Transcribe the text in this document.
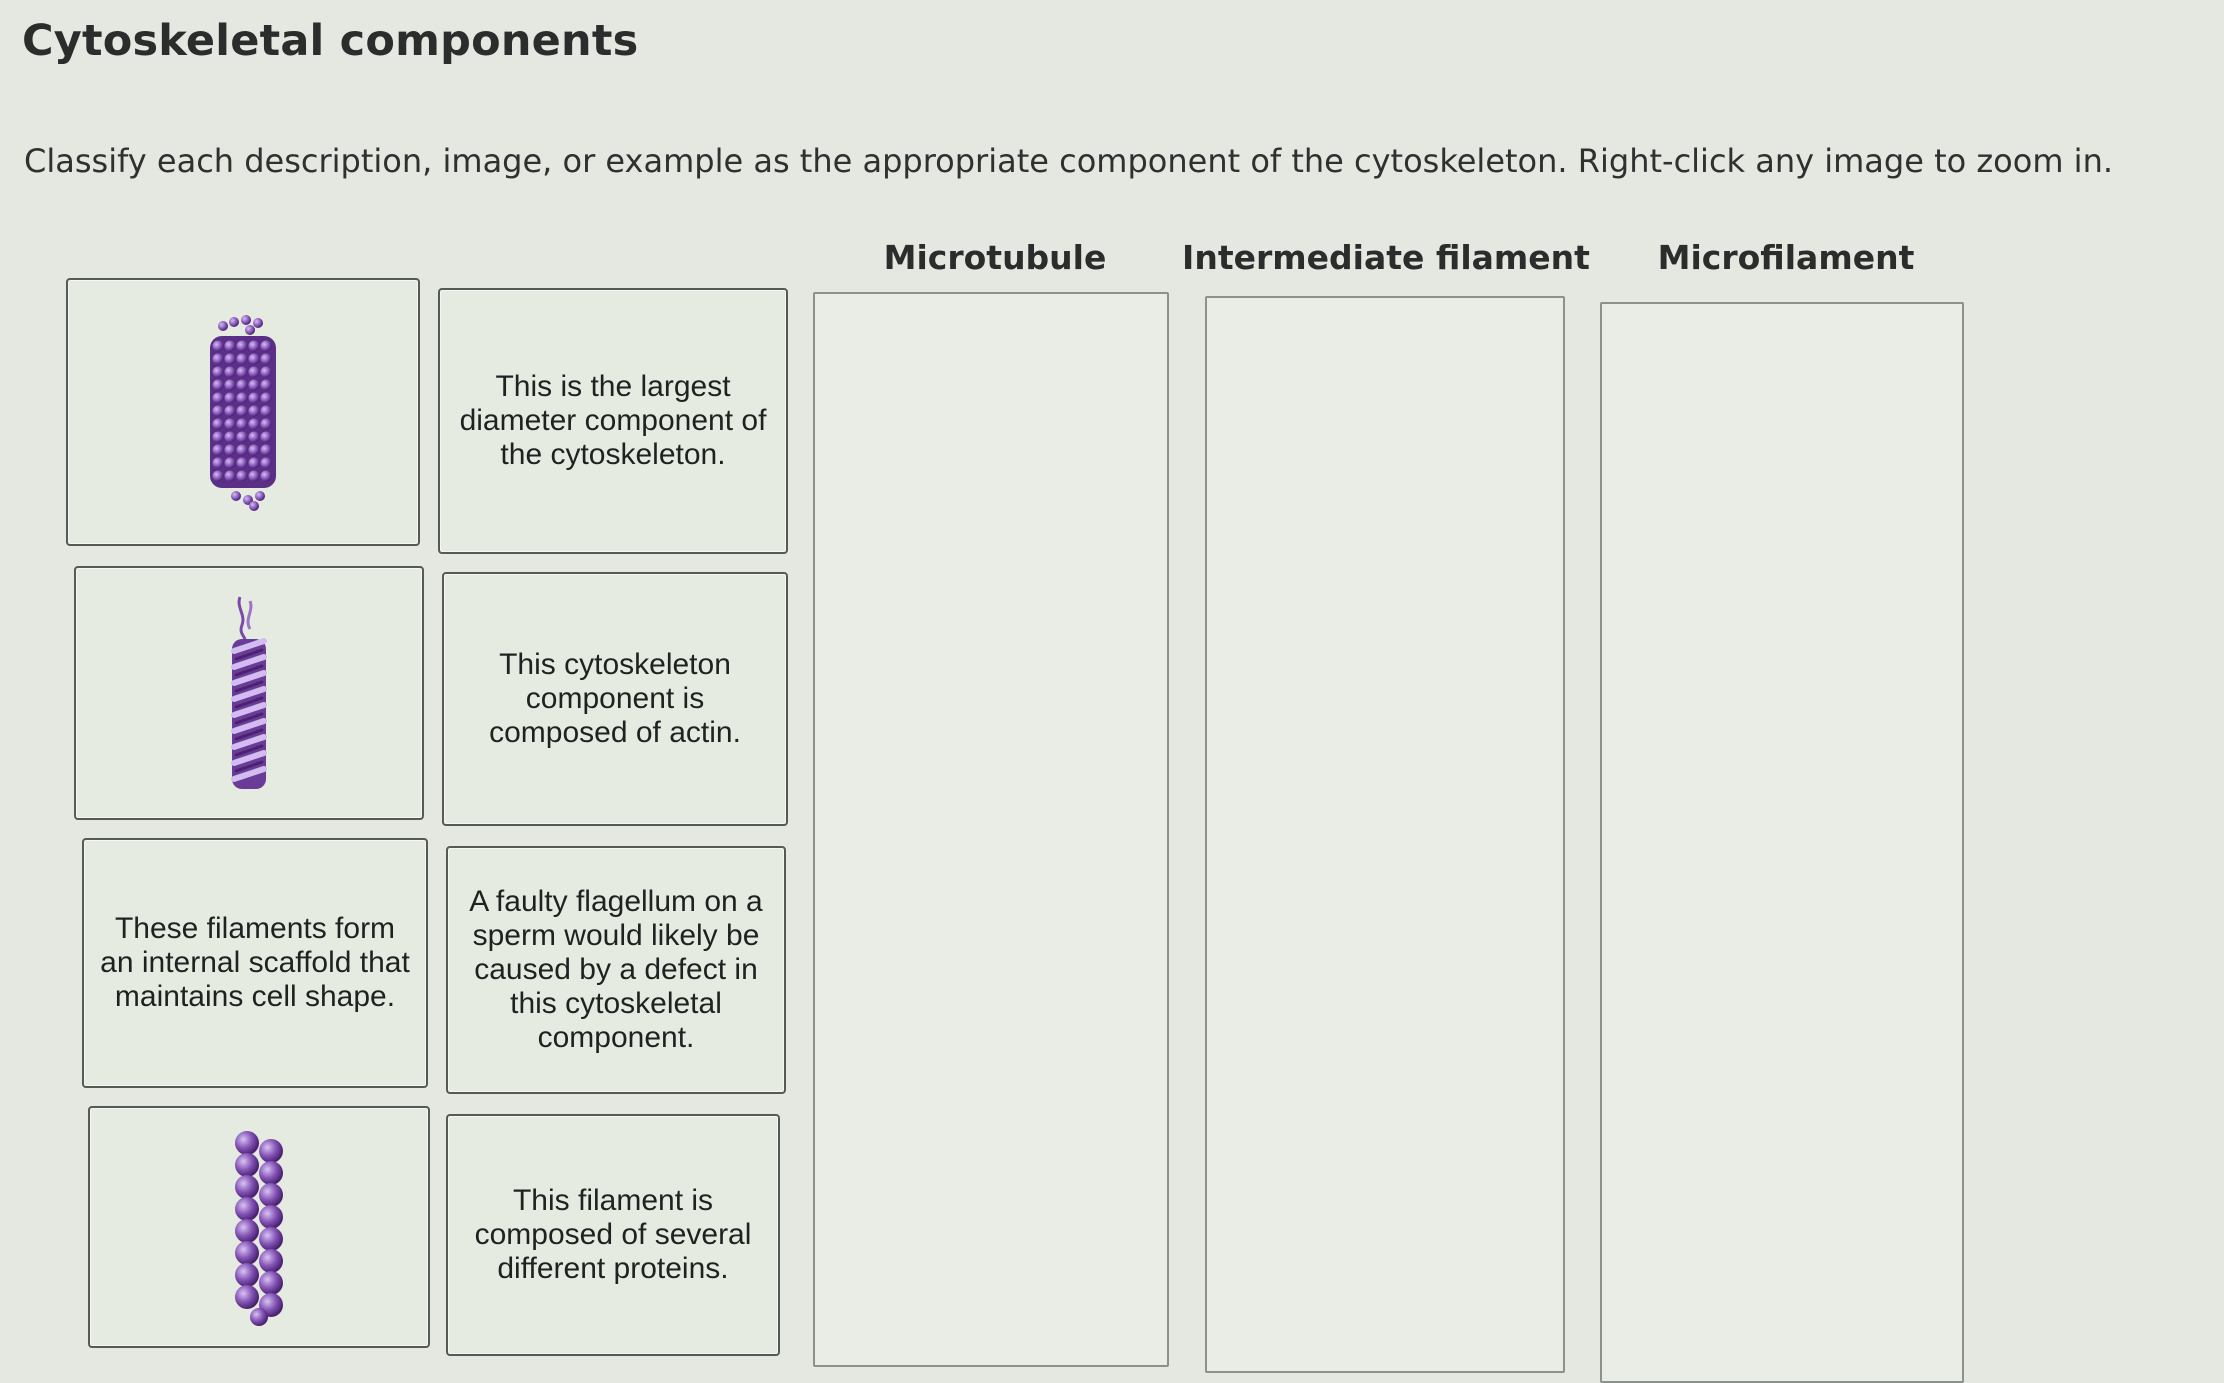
Cytoskeletal components
Classify each description, image, or example as the appropriate component of the cytoskeleton. Right-click any image to zoom in.
Microtubule Intermediate filament Microfilament
This is the largest diameter component of the cytoskeleton.
This cytoskeleton component is composed of actin.
These filaments form an internal scaffold that maintains cell shape.
A faulty flagellum on a sperm would likely be caused by a defect in this cytoskeletal component.
This filament is composed of several different proteins.
